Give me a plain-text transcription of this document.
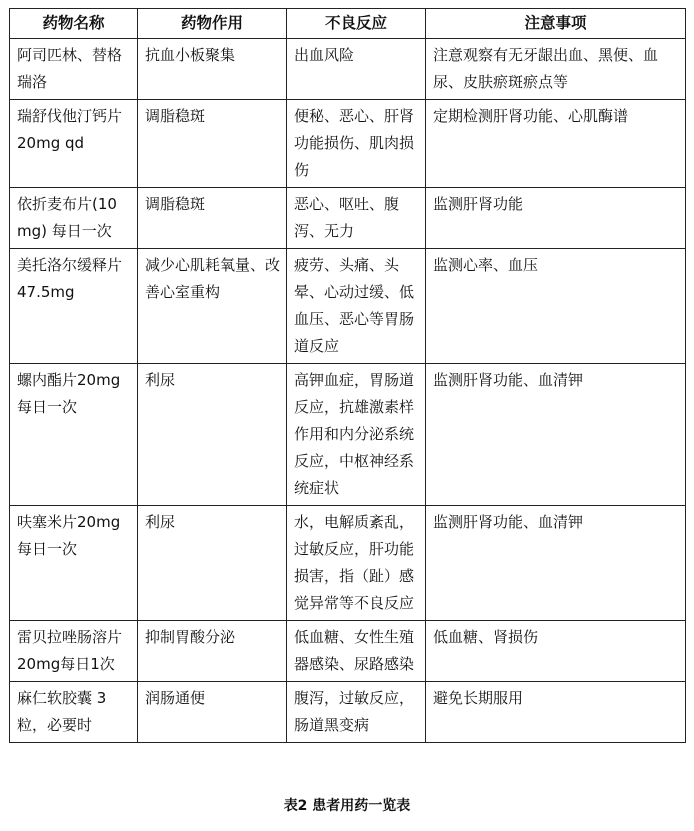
药物名称	药物作用	不良反应	注意事项
阿司匹林、替格瑞洛	抗血小板聚集	出血风险	注意观察有无牙龈出血、黑便、血尿、皮肤瘀斑瘀点等
瑞舒伐他汀钙片20mg qd	调脂稳斑	便秘、恶心、肝肾功能损伤、肌肉损伤	定期检测肝肾功能、心肌酶谱
依折麦布片(10mg) 每日一次	调脂稳斑	恶心、呕吐、腹泻、无力	监测肝肾功能
美托洛尔缓释片47.5mg	减少心肌耗氧量、改善心室重构	疲劳、头痛、头晕、心动过缓、低血压、恶心等胃肠道反应	监测心率、血压
螺内酯片20mg每日一次	利尿	高钾血症，胃肠道反应，抗雄激素样作用和内分泌系统反应，中枢神经系统症状	监测肝肾功能、血清钾
呋塞米片20mg每日一次	利尿	水，电解质紊乱，过敏反应，肝功能损害，指（趾）感觉异常等不良反应	监测肝肾功能、血清钾
雷贝拉唑肠溶片 20mg每日1次	抑制胃酸分泌	低血糖、女性生殖器感染、尿路感染	低血糖、肾损伤
麻仁软胶囊 3粒，必要时	润肠通便	腹泻，过敏反应，肠道黑变病	避免长期服用
表2 患者用药一览表
